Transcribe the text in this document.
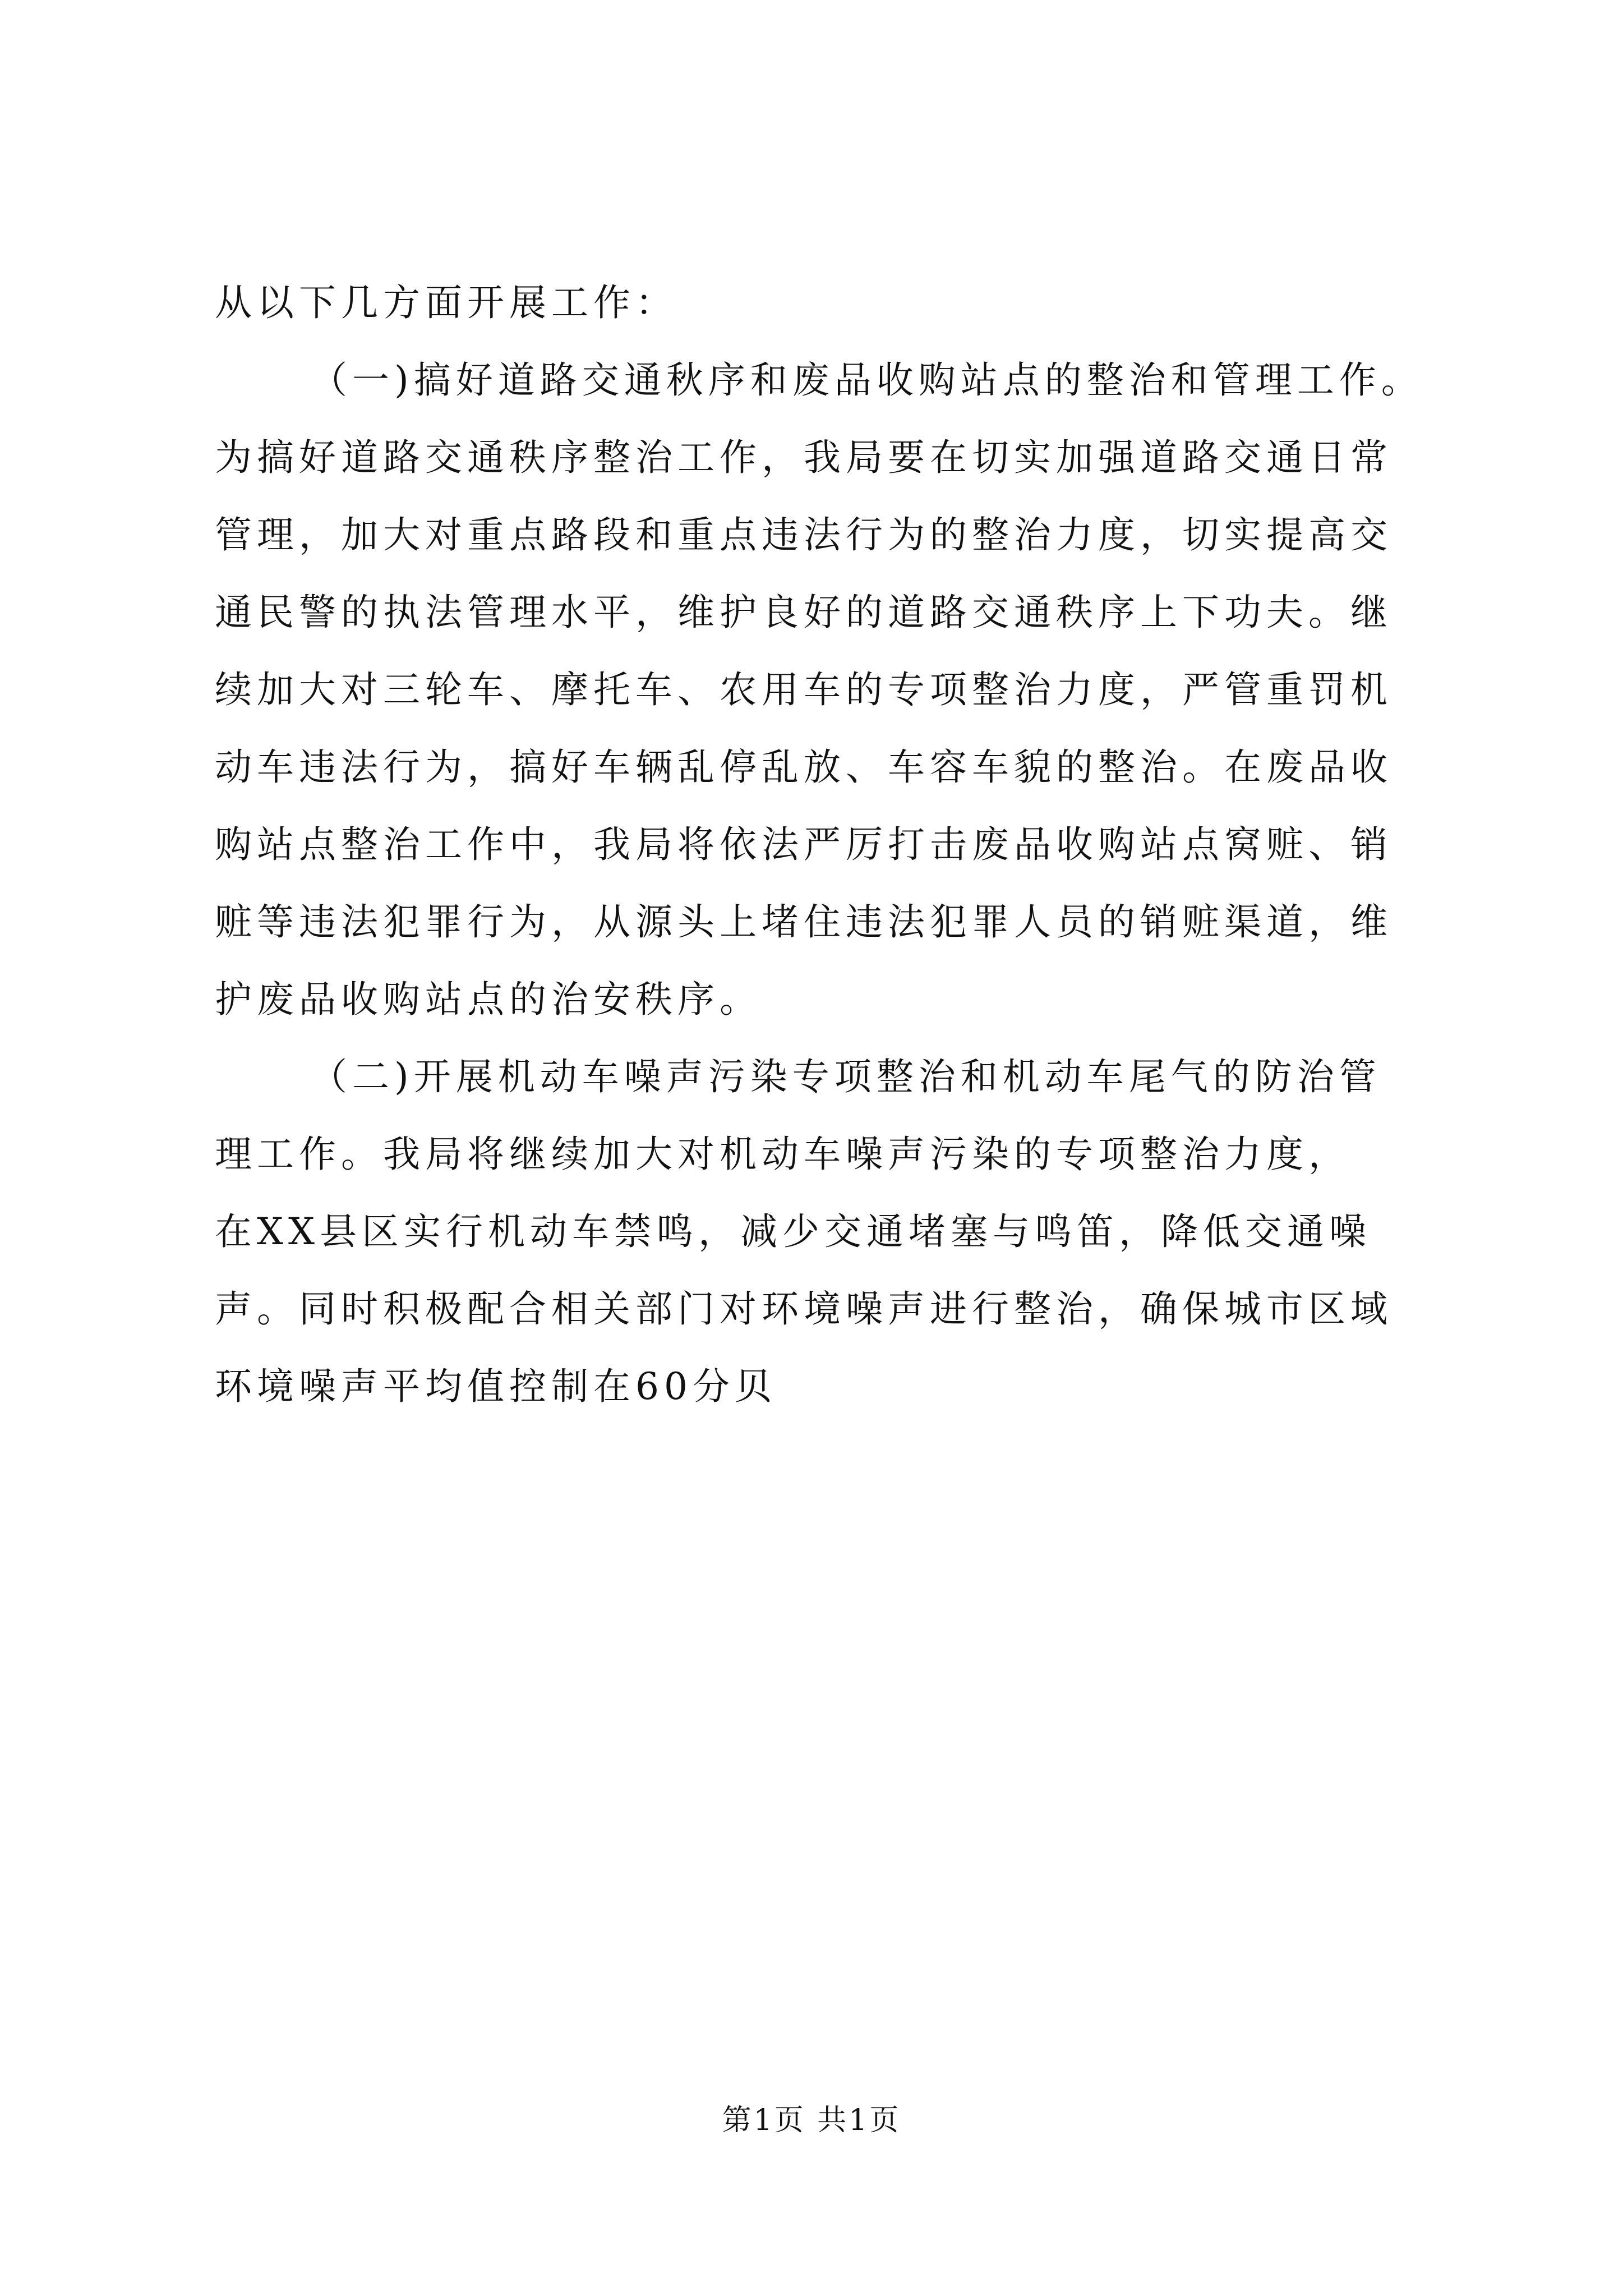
从以下几方面开展工作：
（一)搞好道路交通秋序和废品收购站点的整治和管理工作。
为搞好道路交通秩序整治工作，我局要在切实加强道路交通日常
管理，加大对重点路段和重点违法行为的整治力度，切实提高交
通民警的执法管理水平，维护良好的道路交通秩序上下功夫。继
续加大对三轮车、摩托车、农用车的专项整治力度，严管重罚机
动车违法行为，搞好车辆乱停乱放、车容车貌的整治。在废品收
购站点整治工作中，我局将依法严厉打击废品收购站点窝赃、销
赃等违法犯罪行为，从源头上堵住违法犯罪人员的销赃渠道，维
护废品收购站点的治安秩序。
（二)开展机动车噪声污染专项整治和机动车尾气的防治管
理工作。我局将继续加大对机动车噪声污染的专项整治力度，
在XX县区实行机动车禁鸣，减少交通堵塞与鸣笛，降低交通噪
声。同时积极配合相关部门对环境噪声进行整治，确保城市区域
环境噪声平均值控制在60分贝
第1页 共1页
